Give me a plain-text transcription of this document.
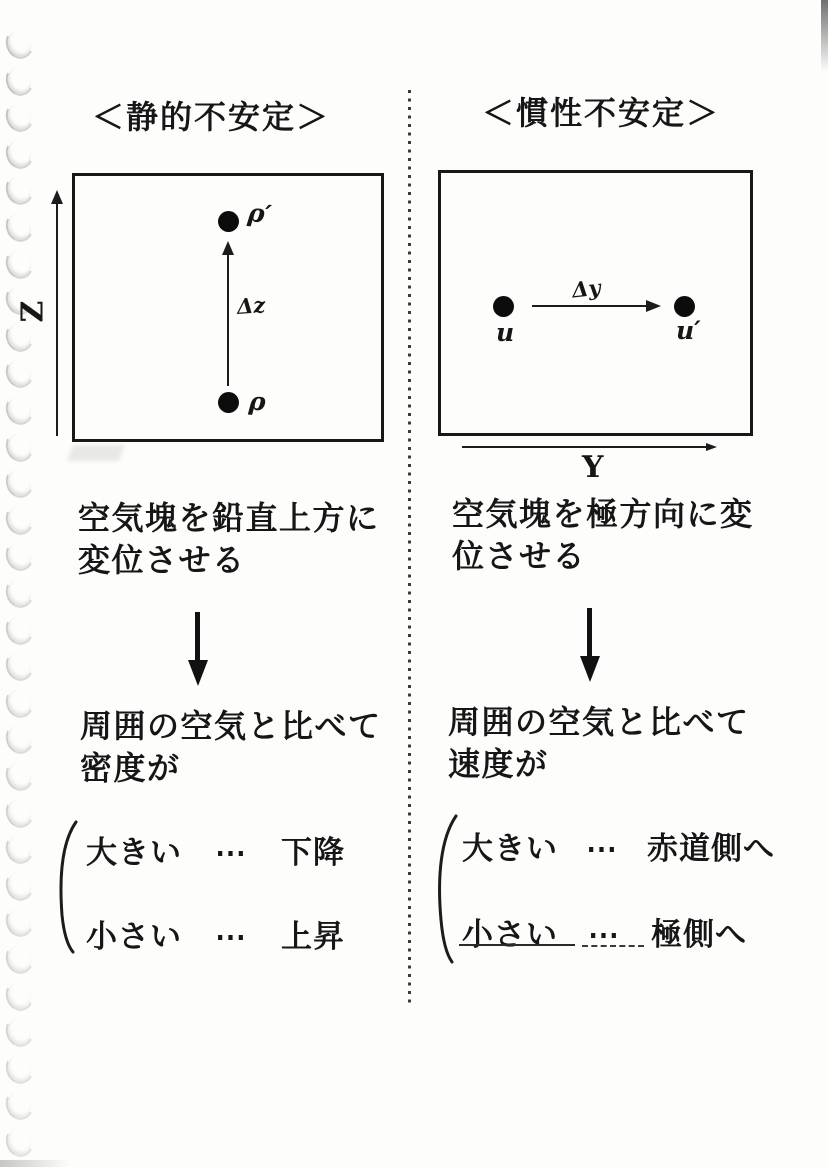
＜静的不安定＞
Z
ρ′
Δz
ρ
空気塊を鉛直上方に
変位させる
周囲の空気と比べて
密度が
大きい ⋯ 下降
小さい ⋯ 上昇
＜慣性不安定＞
u
Δy
u′
Y
空気塊を極方向に変
位させる
周囲の空気と比べて
速度が
大きい ⋯ 赤道側へ
小さい ⋯ 極側へ
